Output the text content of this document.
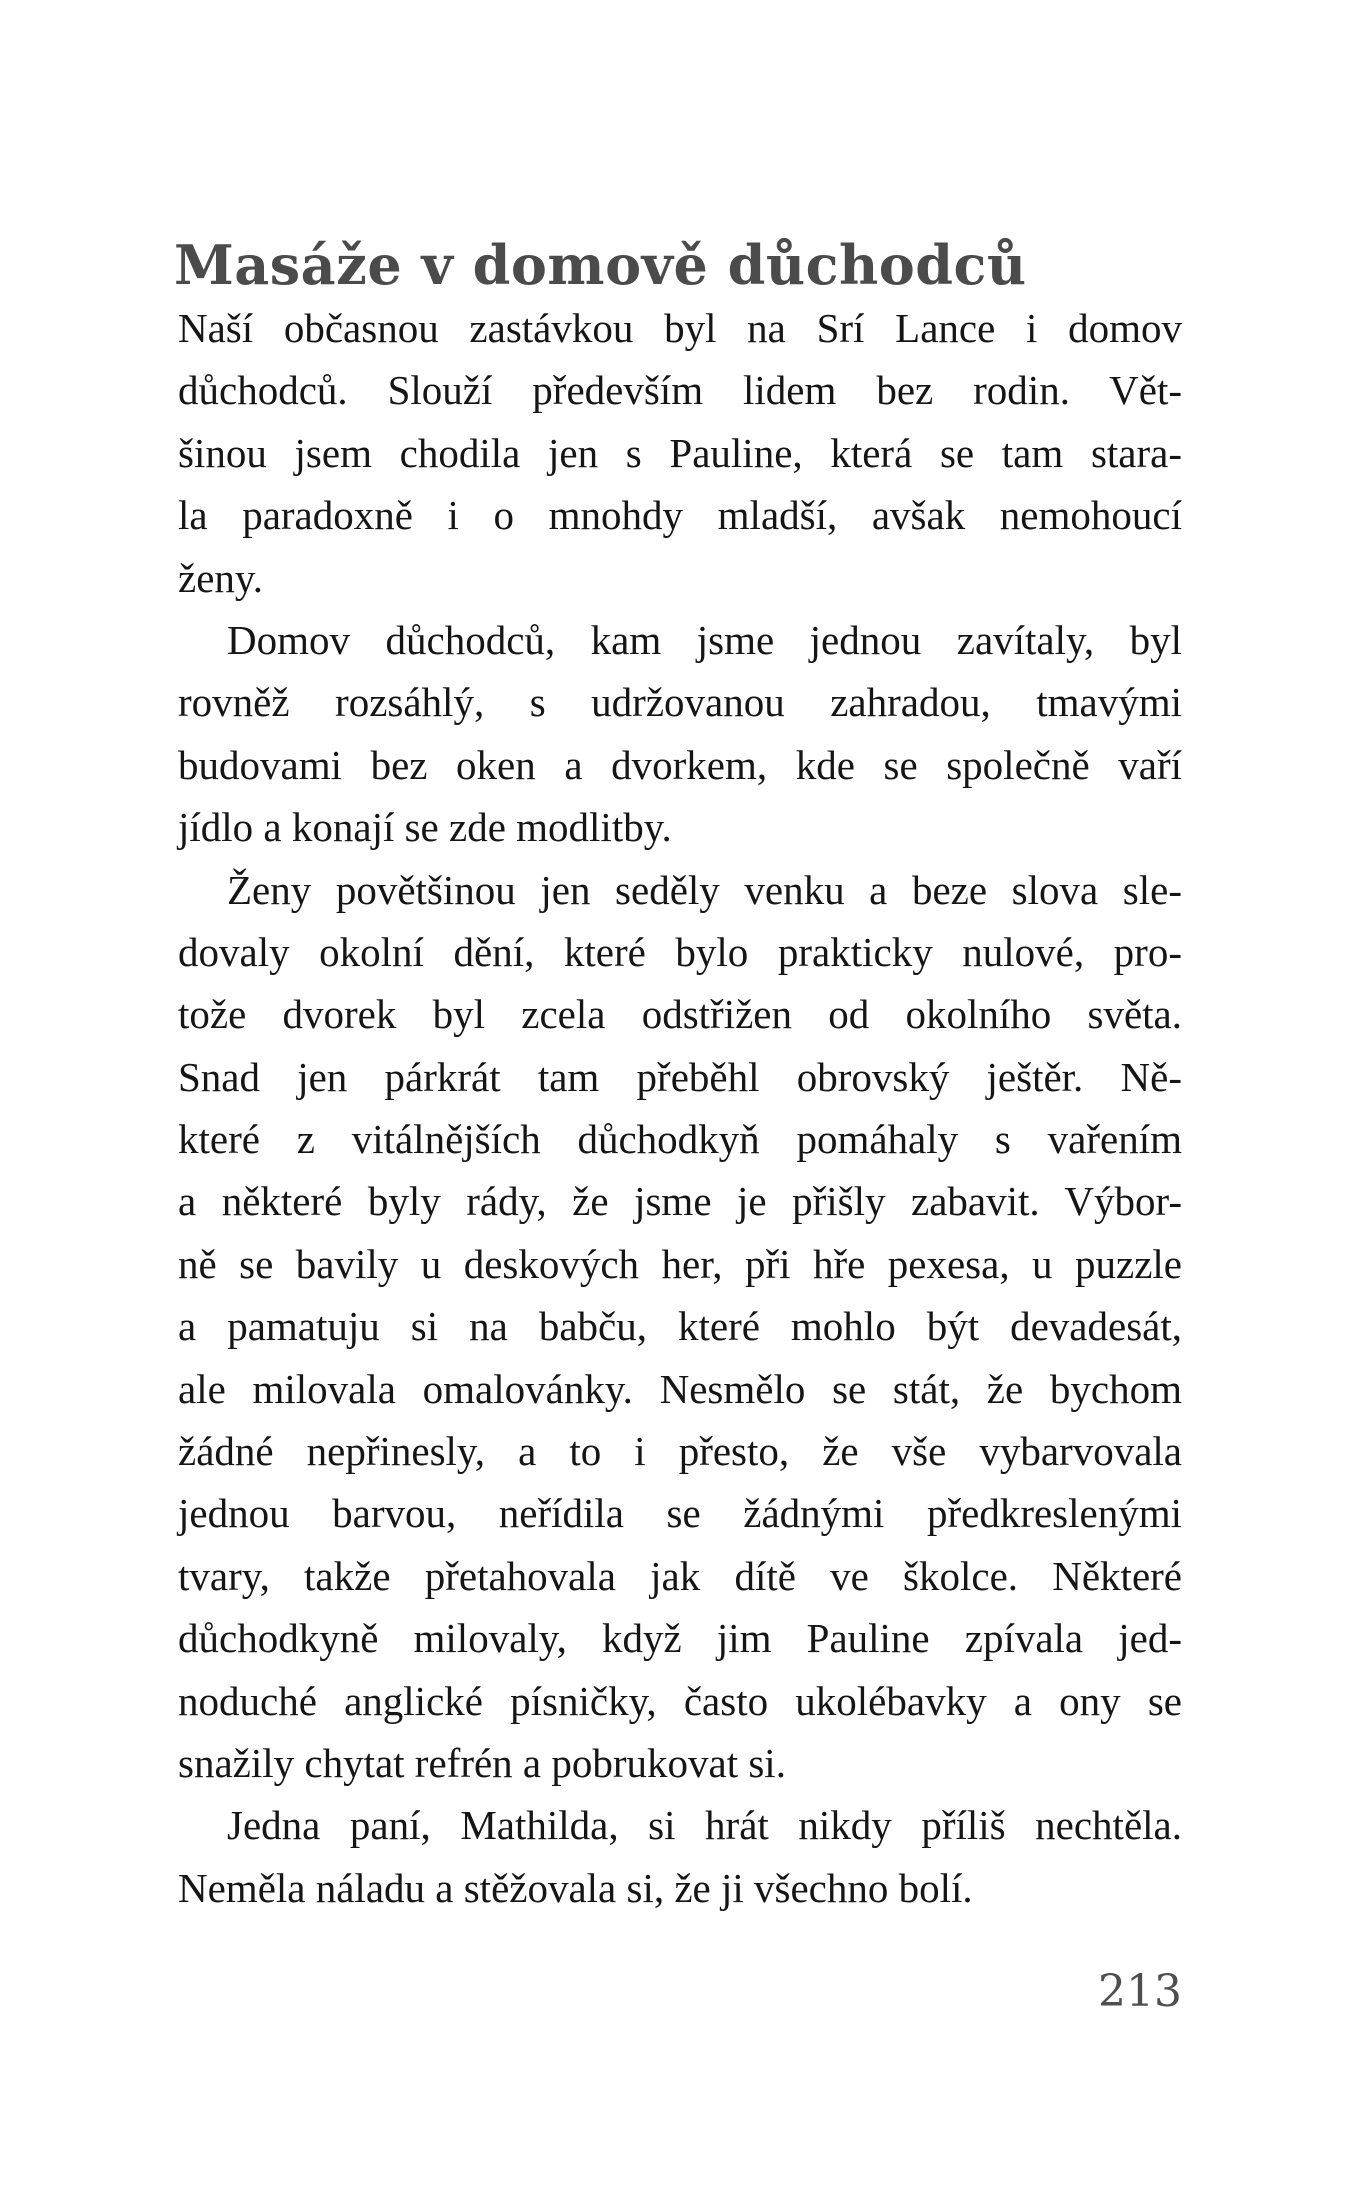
Masáže v domově důchodců
Naší občasnou zastávkou byl na Srí Lance i domov
důchodců. Slouží především lidem bez rodin. Vět-
šinou jsem chodila jen s Pauline, která se tam stara-
la paradoxně i o mnohdy mladší, avšak nemohoucí
ženy.
Domov důchodců, kam jsme jednou zavítaly, byl
rovněž rozsáhlý, s udržovanou zahradou, tmavými
budovami bez oken a dvorkem, kde se společně vaří
jídlo a konají se zde modlitby.
Ženy povětšinou jen seděly venku a beze slova sle-
dovaly okolní dění, které bylo prakticky nulové, pro-
tože dvorek byl zcela odstřižen od okolního světa.
Snad jen párkrát tam přeběhl obrovský ještěr. Ně-
které z vitálnějších důchodkyň pomáhaly s vařením
a některé byly rády, že jsme je přišly zabavit. Výbor-
ně se bavily u deskových her, při hře pexesa, u puzzle
a pamatuju si na babču, které mohlo být devadesát,
ale milovala omalovánky. Nesmělo se stát, že bychom
žádné nepřinesly, a to i přesto, že vše vybarvovala
jednou barvou, neřídila se žádnými předkreslenými
tvary, takže přetahovala jak dítě ve školce. Některé
důchodkyně milovaly, když jim Pauline zpívala jed-
noduché anglické písničky, často ukolébavky a ony se
snažily chytat refrén a pobrukovat si.
Jedna paní, Mathilda, si hrát nikdy příliš nechtěla.
Neměla náladu a stěžovala si, že ji všechno bolí.
213
